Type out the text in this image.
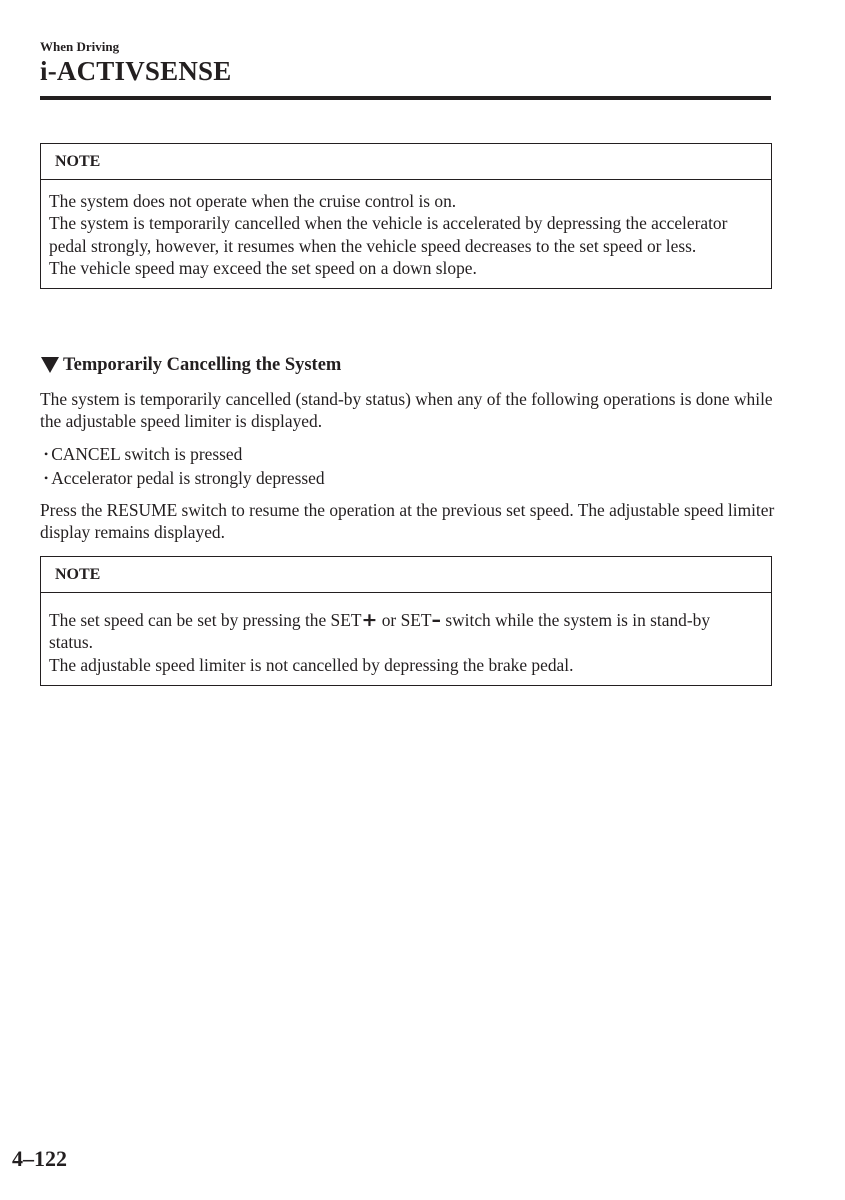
When Driving
i-ACTIVSENSE
NOTE

The system does not operate when the cruise control is on.

The system is temporarily cancelled when the vehicle is accelerated by depressing the accelerator pedal strongly, however, it resumes when the vehicle speed decreases to the set speed or less.

The vehicle speed may exceed the set speed on a down slope.

Temporarily Cancelling the System
The system is temporarily cancelled (stand-by status) when any of the following operations is done while the adjustable speed limiter is displayed.
• CANCEL switch is pressed
• Accelerator pedal is strongly depressed
Press the RESUME switch to resume the operation at the previous set speed. The adjustable speed limiter display remains displayed.
NOTE

The set speed can be set by pressing the SET+ or SET– switch while the system is in stand-by status.

The adjustable speed limiter is not cancelled by depressing the brake pedal.

4–122
